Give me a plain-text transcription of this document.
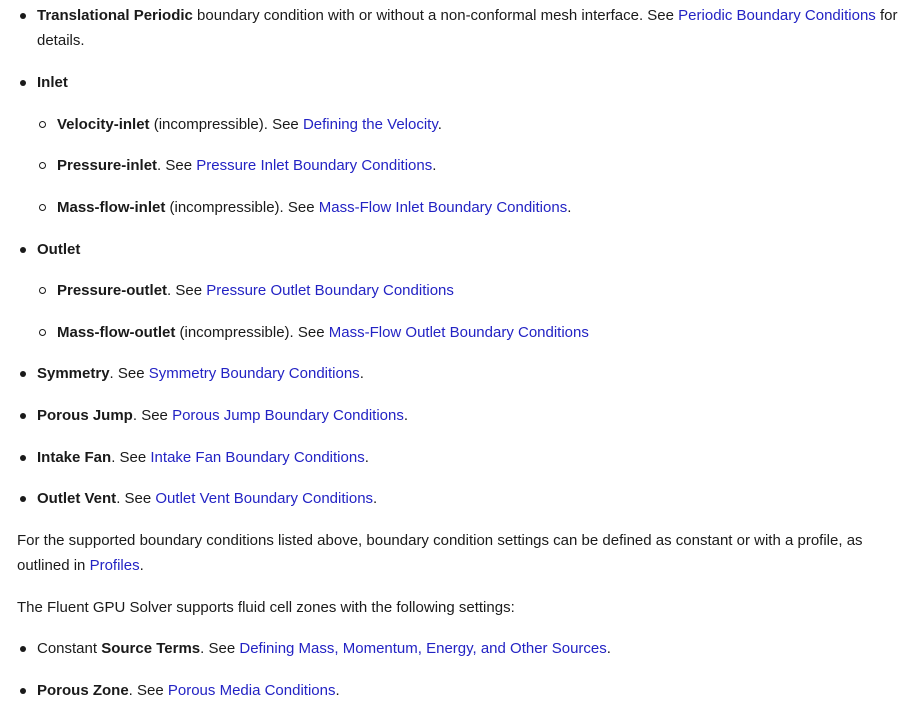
Translational Periodic boundary condition with or without a non-conformal mesh interface. See Periodic Boundary Conditions for details.
Inlet
Velocity-inlet (incompressible). See Defining the Velocity.
Pressure-inlet. See Pressure Inlet Boundary Conditions.
Mass-flow-inlet (incompressible). See Mass-Flow Inlet Boundary Conditions.
Outlet
Pressure-outlet. See Pressure Outlet Boundary Conditions
Mass-flow-outlet (incompressible). See Mass-Flow Outlet Boundary Conditions
Symmetry. See Symmetry Boundary Conditions.
Porous Jump. See Porous Jump Boundary Conditions.
Intake Fan. See Intake Fan Boundary Conditions.
Outlet Vent. See Outlet Vent Boundary Conditions.

For the supported boundary conditions listed above, boundary condition settings can be defined as constant or with a profile, as outlined in Profiles.

The Fluent GPU Solver supports fluid cell zones with the following settings:

Constant Source Terms. See Defining Mass, Momentum, Energy, and Other Sources.
Porous Zone. See Porous Media Conditions.
